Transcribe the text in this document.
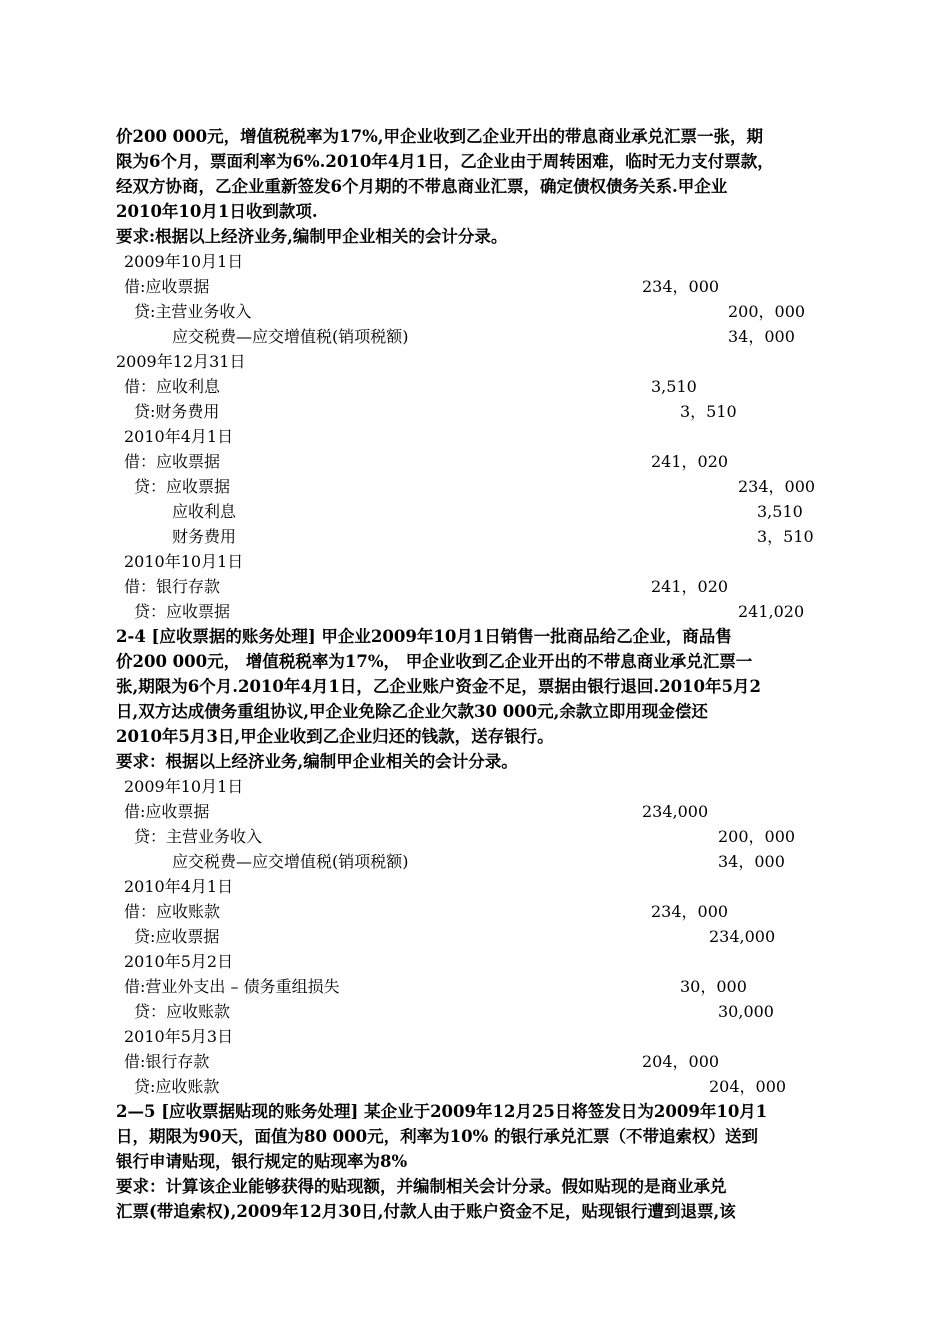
价200 000元，增值税税率为17%,甲企业收到乙企业开出的带息商业承兑汇票一张，期
限为6个月，票面利率为6%.2010年4月1日，乙企业由于周转困难，临时无力支付票款，
经双方协商，乙企业重新签发6个月期的不带息商业汇票，确定债权债务关系.甲企业
2010年10月1日收到款项.
要求:根据以上经济业务,编制甲企业相关的会计分录。
2009年10月1日
借:应收票据	234，000
贷:主营业务收入	200，000
应交税费—应交增值税(销项税额)	34，000
2009年12月31日
借：应收利息	3,510
贷:财务费用	3，510
2010年4月1日
借：应收票据	241，020
贷：应收票据	234，000
应收利息	3,510
财务费用	3，510
2010年10月1日
借：银行存款	241，020
贷：应收票据	241,020
2-4 [应收票据的账务处理] 甲企业2009年10月1日销售一批商品给乙企业，商品售
价200 000元， 增值税税率为17%， 甲企业收到乙企业开出的不带息商业承兑汇票一
张,期限为6个月.2010年4月1日，乙企业账户资金不足，票据由银行退回.2010年5月2
日,双方达成债务重组协议,甲企业免除乙企业欠款30 000元,余款立即用现金偿还
2010年5月3日,甲企业收到乙企业归还的钱款，送存银行。
要求：根据以上经济业务,编制甲企业相关的会计分录。
2009年10月1日
借:应收票据	234,000
贷：主营业务收入	200，000
应交税费—应交增值税(销项税额)	34，000
2010年4月1日
借：应收账款	234，000
贷:应收票据	234,000
2010年5月2日
借:营业外支出 – 债务重组损失	30，000
贷：应收账款	30,000
2010年5月3日
借:银行存款	204，000
贷:应收账款	204，000
2—5 [应收票据贴现的账务处理] 某企业于2009年12月25日将签发日为2009年10月1
日，期限为90天，面值为80 000元，利率为10% 的银行承兑汇票（不带追索权）送到
银行申请贴现，银行规定的贴现率为8%
要求：计算该企业能够获得的贴现额，并编制相关会计分录。假如贴现的是商业承兑
汇票(带追索权),2009年12月30日,付款人由于账户资金不足，贴现银行遭到退票,该
